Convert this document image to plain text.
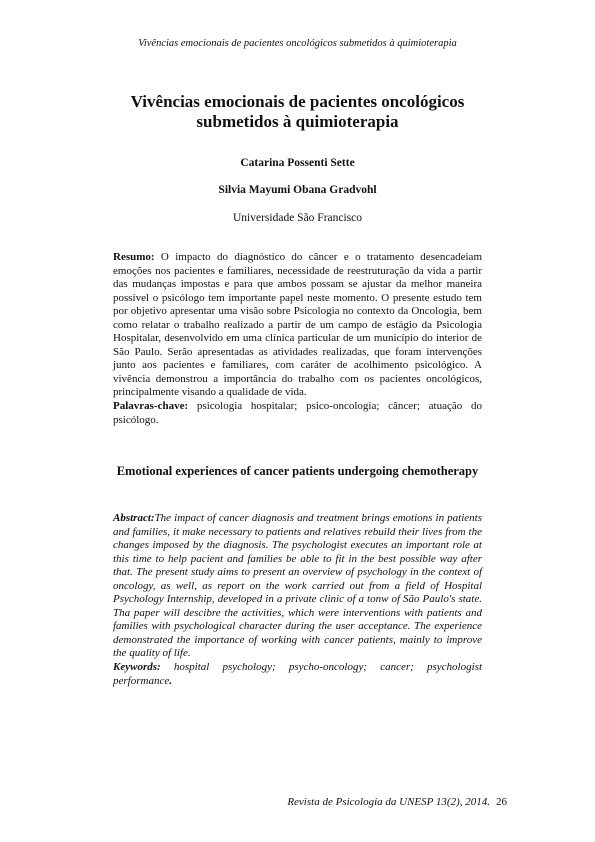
Vivências emocionais de pacientes oncológicos submetidos à quimioterapia
Vivências emocionais de pacientes oncológicos submetidos à quimioterapia
Catarina Possenti Sette
Silvia Mayumi Obana Gradvohl
Universidade São Francisco

Resumo: O impacto do diagnóstico do câncer e o tratamento desencadeiam emoções nos pacientes e familiares, necessidade de reestruturação da vida a partir das mudanças impostas e para que ambos possam se ajustar da melhor maneira possível o psicólogo tem importante papel neste momento. O presente estudo tem por objetivo apresentar uma visão sobre Psicologia no contexto da Oncologia, bem como relatar o trabalho realizado a partir de um campo de estágio da Psicologia Hospitalar, desenvolvido em uma clínica particular de um município do interior de São Paulo. Serão apresentadas as atividades realizadas, que foram intervenções junto aos pacientes e familiares, com caráter de acolhimento psicológico. A vivência demonstrou a importância do trabalho com os pacientes oncológicos, principalmente visando a qualidade de vida.

Palavras-chave: psicologia hospitalar; psico-oncologia; câncer; atuação do psicólogo.

Emotional experiences of cancer patients undergoing chemotherapy

Abstract:The impact of cancer diagnosis and treatment brings emotions in patients and families, it make necessary to patients and relatives rebuild their lives from the changes imposed by the diagnosis. The psychologist executes an important role at this time to help pacient and families be able to fit in the best possible way after that. The present study aims to present an overview of psychology in the context of oncology, as well, as report on the work carried out from a field of Hospital Psychology Internship, developed in a private clinic of a tonw of São Paulo's state. Tha paper will descibre the activities, which were interventions with patients and families with psychological character during the user acceptance. The experience demonstrated the importance of working with cancer patients, mainly to improve the quality of life.

Keywords: hospital psychology; psycho-oncology; cancer; psychologist performance.

Revista de Psicologia da UNESP 13(2), 2014. 26
